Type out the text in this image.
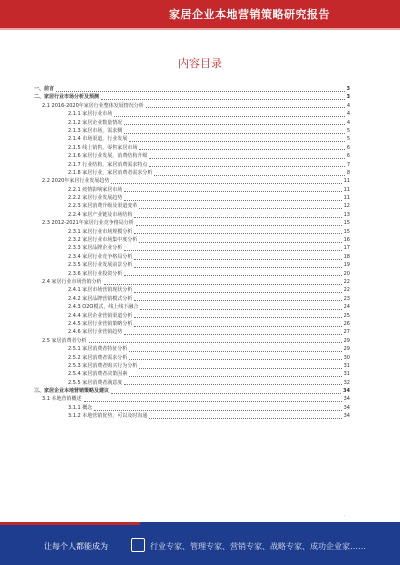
家居企业本地营销策略研究报告
内容目录
一、前言	3
二、家居行业市场分析及预测	3
2.1 2016-2020年家居行业整体发展情况分析	4
2.1.1 家居行业市场	4
2.1.2 家居企业数量情况	4
2.1.3 家居市场，需求侧	5
2.1.4 市场渠道，行业发展	5
2.1.5 线上销售，零售家居市场	6
2.1.6 家居行业发展，消费结构升级	6
2.1.7 行业结构，家居消费需求特点	7
2.1.8 家居行业，家居消费者需求分析	8
2.2 2020年家居行业发展趋势	11
2.2.1 疫情影响家居市场	11
2.2.2 家居行业发展趋势	11
2.2.3 家居消费升级及渠道变革	12
2.2.4 家居产业链及市场结构	13
2.3 2012-2021年家居行业竞争格局分析	15
2.3.1 家居行业市场规模分析	15
2.3.2 家居行业市场集中度分析	16
2.3.3 家居品牌企业分析	17
2.3.4 家居行业竞争格局分析	18
2.3.5 家居行业发展前景分析	19
2.3.6 家居行业投资分析	20
2.4 家居行业市场营销分析	22
2.4.1 家居市场营销现状分析	22
2.4.2 家居品牌营销模式分析	23
2.4.3 O2O模式，线上线下融合	24
2.4.4 家居企业营销渠道分析	25
2.4.5 家居行业营销策略分析	26
2.4.6 家居行业营销趋势	27
2.5 家居消费者分析	29
2.5.1 家居消费者特征分析	29
2.5.2 家居消费者需求分析	30
2.5.3 家居消费者购买行为分析	31
2.5.4 家居消费者决策因素	31
2.5.5 家居消费者满意度	32
三、家居企业本地营销策略及建议	34
3.1 本地营销概述	34
3.1.1 概念	34
3.1.2 本地营销优势，可以及时沟通	34
.
让每个人都能成为	行业专家、管理专家、营销专家、战略专家、成功企业家……
